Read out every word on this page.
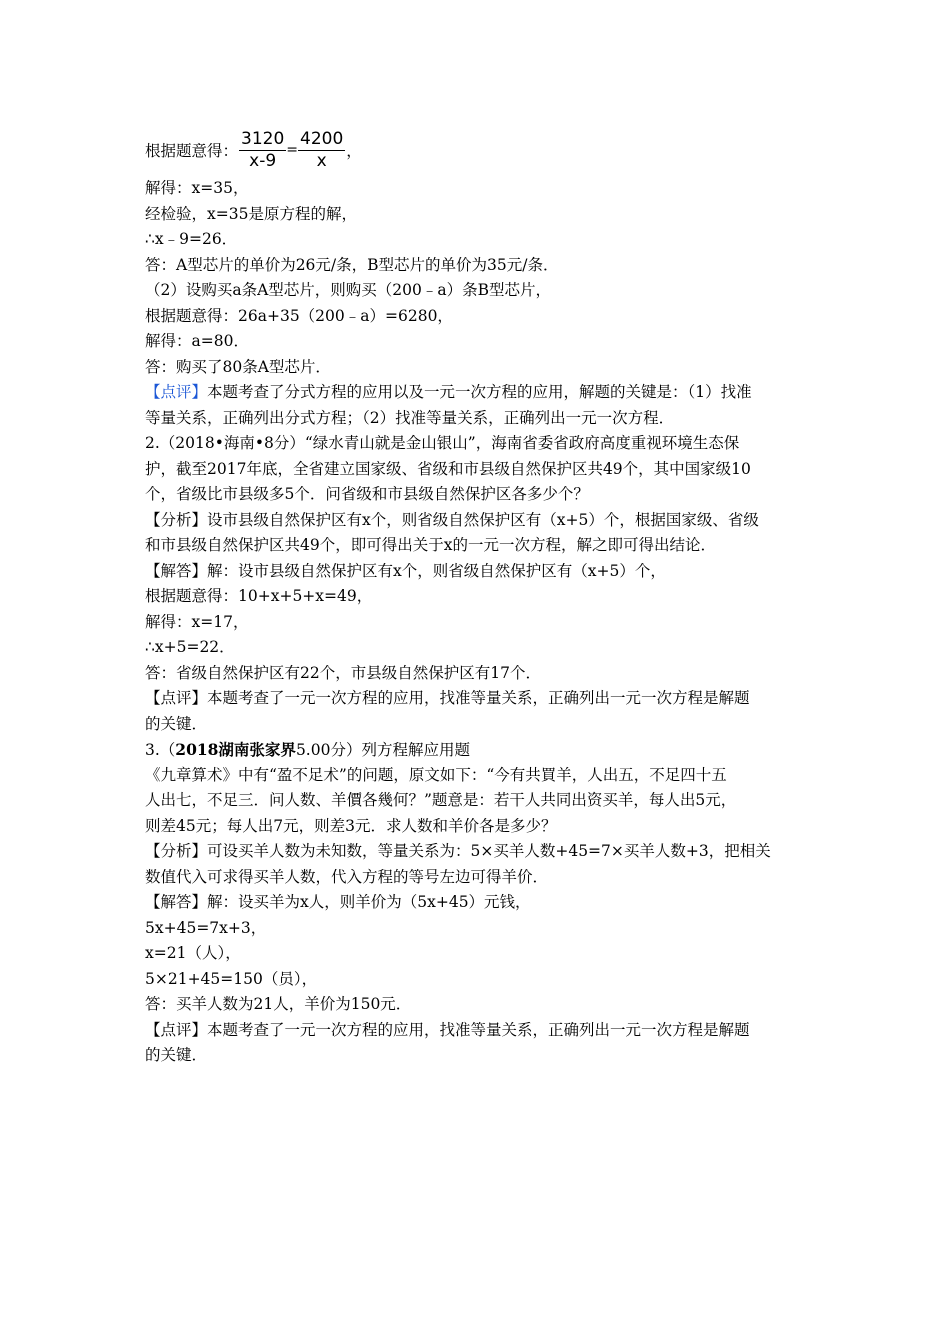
根据题意得： $\frac{3120}{x-9} = \frac{4200}{x}$ ，
解得：x=35，
经检验，x=35是原方程的解，
∴x﹣9=26．
答：A型芯片的单价为26元/条，B型芯片的单价为35元/条．
（2）设购买a条A型芯片，则购买（200﹣a）条B型芯片，
根据题意得：26a+35（200﹣a）=6280，
解得：a=80．
答：购买了80条A型芯片．
【点评】本题考查了分式方程的应用以及一元一次方程的应用，解题的关键是：（1）找准
等量关系，正确列出分式方程；（2）找准等量关系，正确列出一元一次方程．
2.（2018•海南•8分）“绿水青山就是金山银山”，海南省委省政府高度重视环境生态保
护，截至2017年底，全省建立国家级、省级和市县级自然保护区共49个，其中国家级10
个，省级比市县级多5个．问省级和市县级自然保护区各多少个？
【分析】设市县级自然保护区有x个，则省级自然保护区有（x+5）个，根据国家级、省级
和市县级自然保护区共49个，即可得出关于x的一元一次方程，解之即可得出结论．
【解答】解：设市县级自然保护区有x个，则省级自然保护区有（x+5）个，
根据题意得：10+x+5+x=49，
解得：x=17，
∴x+5=22．
答：省级自然保护区有22个，市县级自然保护区有17个．
【点评】本题考查了一元一次方程的应用，找准等量关系，正确列出一元一次方程是解题
的关键．
3.（2018湖南张家界5.00分）列方程解应用题
《九章算术》中有“盈不足术”的问题，原文如下：“今有共買羊，人出五，不足四十五
人出七，不足三．问人数、羊價各幾何？”题意是：若干人共同出资买羊，每人出5元，
则差45元；每人出7元，则差3元．求人数和羊价各是多少？
【分析】可设买羊人数为未知数，等量关系为：5×买羊人数+45=7×买羊人数+3，把相关
数值代入可求得买羊人数，代入方程的等号左边可得羊价．
【解答】解：设买羊为x人，则羊价为（5x+45）元钱，
5x+45=7x+3，
x=21（人），
5×21+45=150（员），
答：买羊人数为21人，羊价为150元．
【点评】本题考查了一元一次方程的应用，找准等量关系，正确列出一元一次方程是解题
的关键．
